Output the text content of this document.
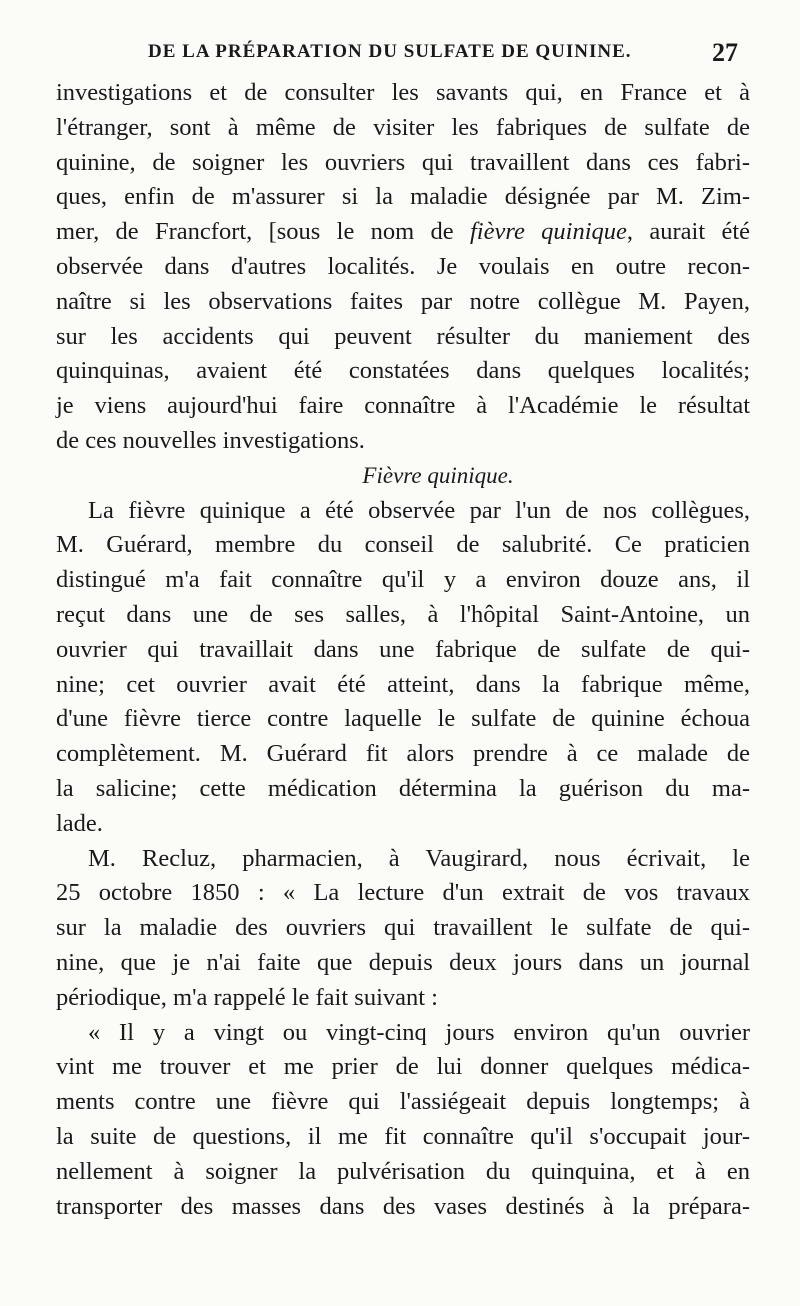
DE LA PRÉPARATION DU SULFATE DE QUININE.	27
investigations et de consulter les savants qui, en France et à
l'étranger, sont à même de visiter les fabriques de sulfate de
quinine, de soigner les ouvriers qui travaillent dans ces fabri-
ques, enfin de m'assurer si la maladie désignée par M. Zim-
mer, de Francfort, [sous le nom de fièvre quinique, aurait été
observée dans d'autres localités. Je voulais en outre recon-
naître si les observations faites par notre collègue M. Payen,
sur les accidents qui peuvent résulter du maniement des
quinquinas, avaient été constatées dans quelques localités;
je viens aujourd'hui faire connaître à l'Académie le résultat
de ces nouvelles investigations.
Fièvre quinique.
La fièvre quinique a été observée par l'un de nos collègues,
M. Guérard, membre du conseil de salubrité. Ce praticien
distingué m'a fait connaître qu'il y a environ douze ans, il
reçut dans une de ses salles, à l'hôpital Saint-Antoine, un
ouvrier qui travaillait dans une fabrique de sulfate de qui-
nine; cet ouvrier avait été atteint, dans la fabrique même,
d'une fièvre tierce contre laquelle le sulfate de quinine échoua
complètement. M. Guérard fit alors prendre à ce malade de
la salicine; cette médication détermina la guérison du ma-
lade.
M. Recluz, pharmacien, à Vaugirard, nous écrivait, le
25 octobre 1850 : « La lecture d'un extrait de vos travaux
sur la maladie des ouvriers qui travaillent le sulfate de qui-
nine, que je n'ai faite que depuis deux jours dans un journal
périodique, m'a rappelé le fait suivant :
« Il y a vingt ou vingt-cinq jours environ qu'un ouvrier
vint me trouver et me prier de lui donner quelques médica-
ments contre une fièvre qui l'assiégeait depuis longtemps; à
la suite de questions, il me fit connaître qu'il s'occupait jour-
nellement à soigner la pulvérisation du quinquina, et à en
transporter des masses dans des vases destinés à la prépara-
